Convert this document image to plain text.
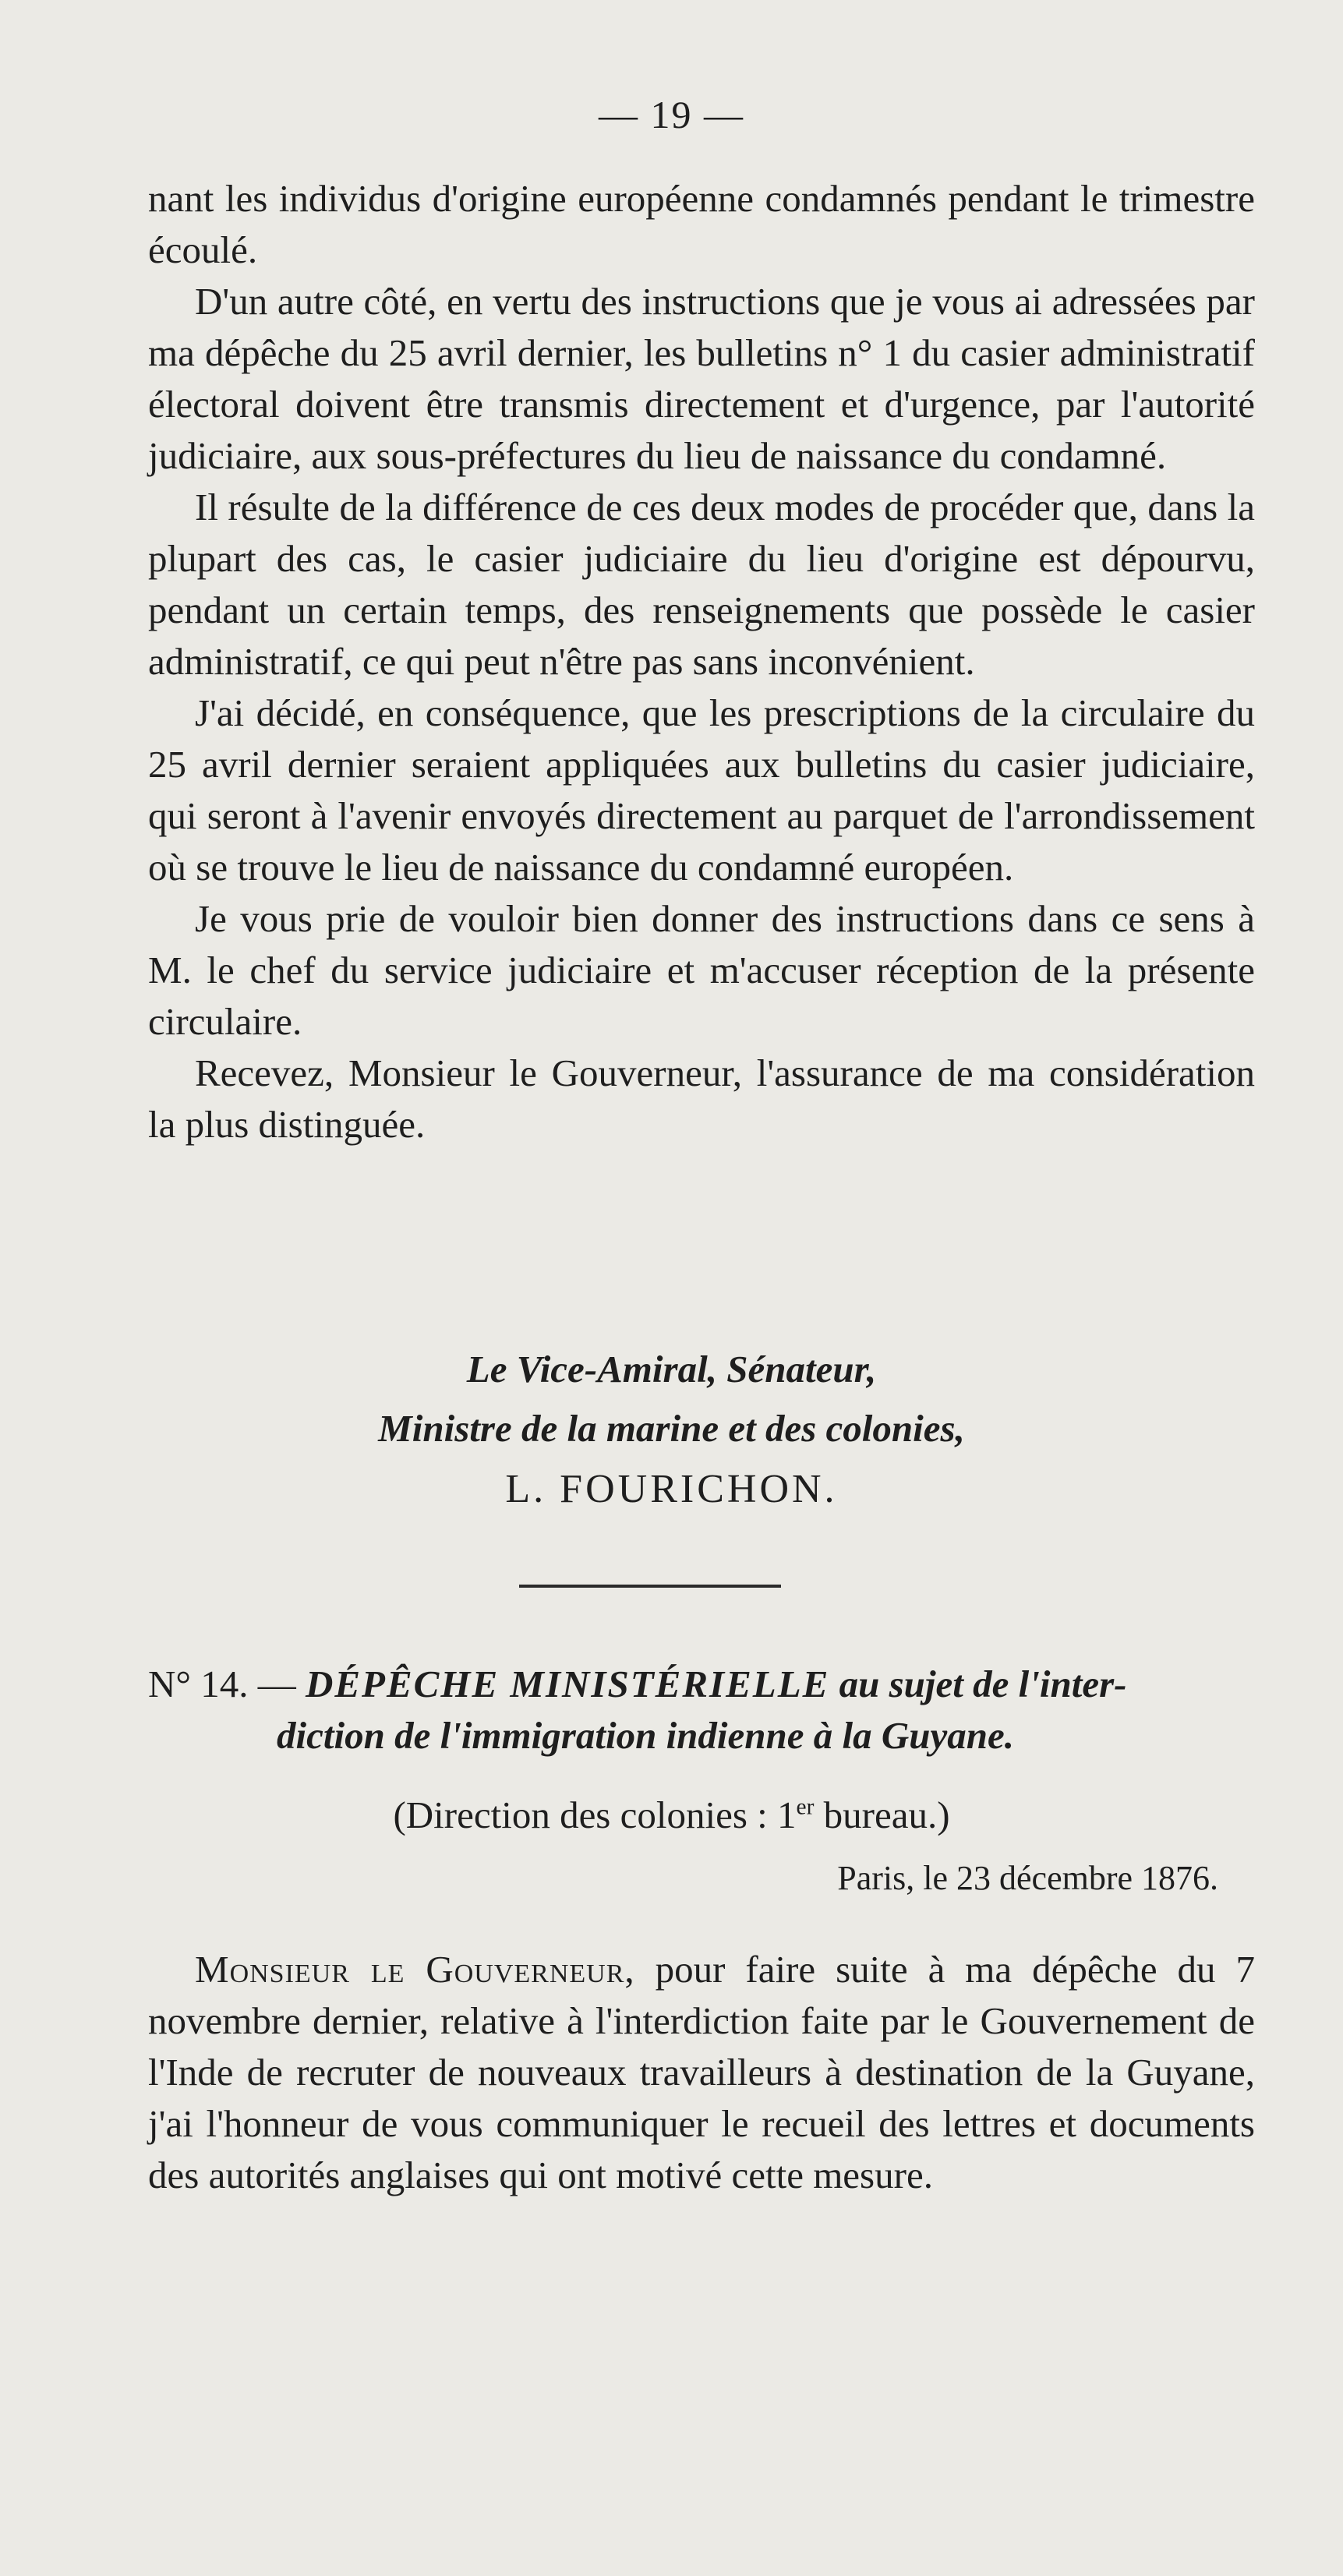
— 19 —

nant les individus d'origine européenne condamnés pendant le trimestre écoulé.

D'un autre côté, en vertu des instructions que je vous ai adressées par ma dépêche du 25 avril dernier, les bulletins n° 1 du casier administratif électoral doivent être transmis directement et d'urgence, par l'autorité judiciaire, aux sous-préfectures du lieu de naissance du condamné.

Il résulte de la différence de ces deux modes de procéder que, dans la plupart des cas, le casier judiciaire du lieu d'origine est dépourvu, pendant un certain temps, des renseignements que possède le casier administratif, ce qui peut n'être pas sans inconvénient.

J'ai décidé, en conséquence, que les prescriptions de la circulaire du 25 avril dernier seraient appliquées aux bulletins du casier judiciaire, qui seront à l'avenir envoyés directement au parquet de l'arrondissement où se trouve le lieu de naissance du condamné européen.

Je vous prie de vouloir bien donner des instructions dans ce sens à M. le chef du service judiciaire et m'accuser réception de la présente circulaire.

Recevez, Monsieur le Gouverneur, l'assurance de ma considération la plus distinguée.

Le Vice-Amiral, Sénateur,
Ministre de la marine et des colonies,
L. FOURICHON.
N° 14. — DÉPÊCHE MINISTÉRIELLE au sujet de l'inter-
diction de l'immigration indienne à la Guyane.
(Direction des colonies : 1er bureau.)
Paris, le 23 décembre 1876.

Monsieur le Gouverneur, pour faire suite à ma dépêche du 7 novembre dernier, relative à l'interdiction faite par le Gouvernement de l'Inde de recruter de nouveaux travailleurs à destination de la Guyane, j'ai l'honneur de vous communiquer le recueil des lettres et documents des autorités anglaises qui ont motivé cette mesure.
